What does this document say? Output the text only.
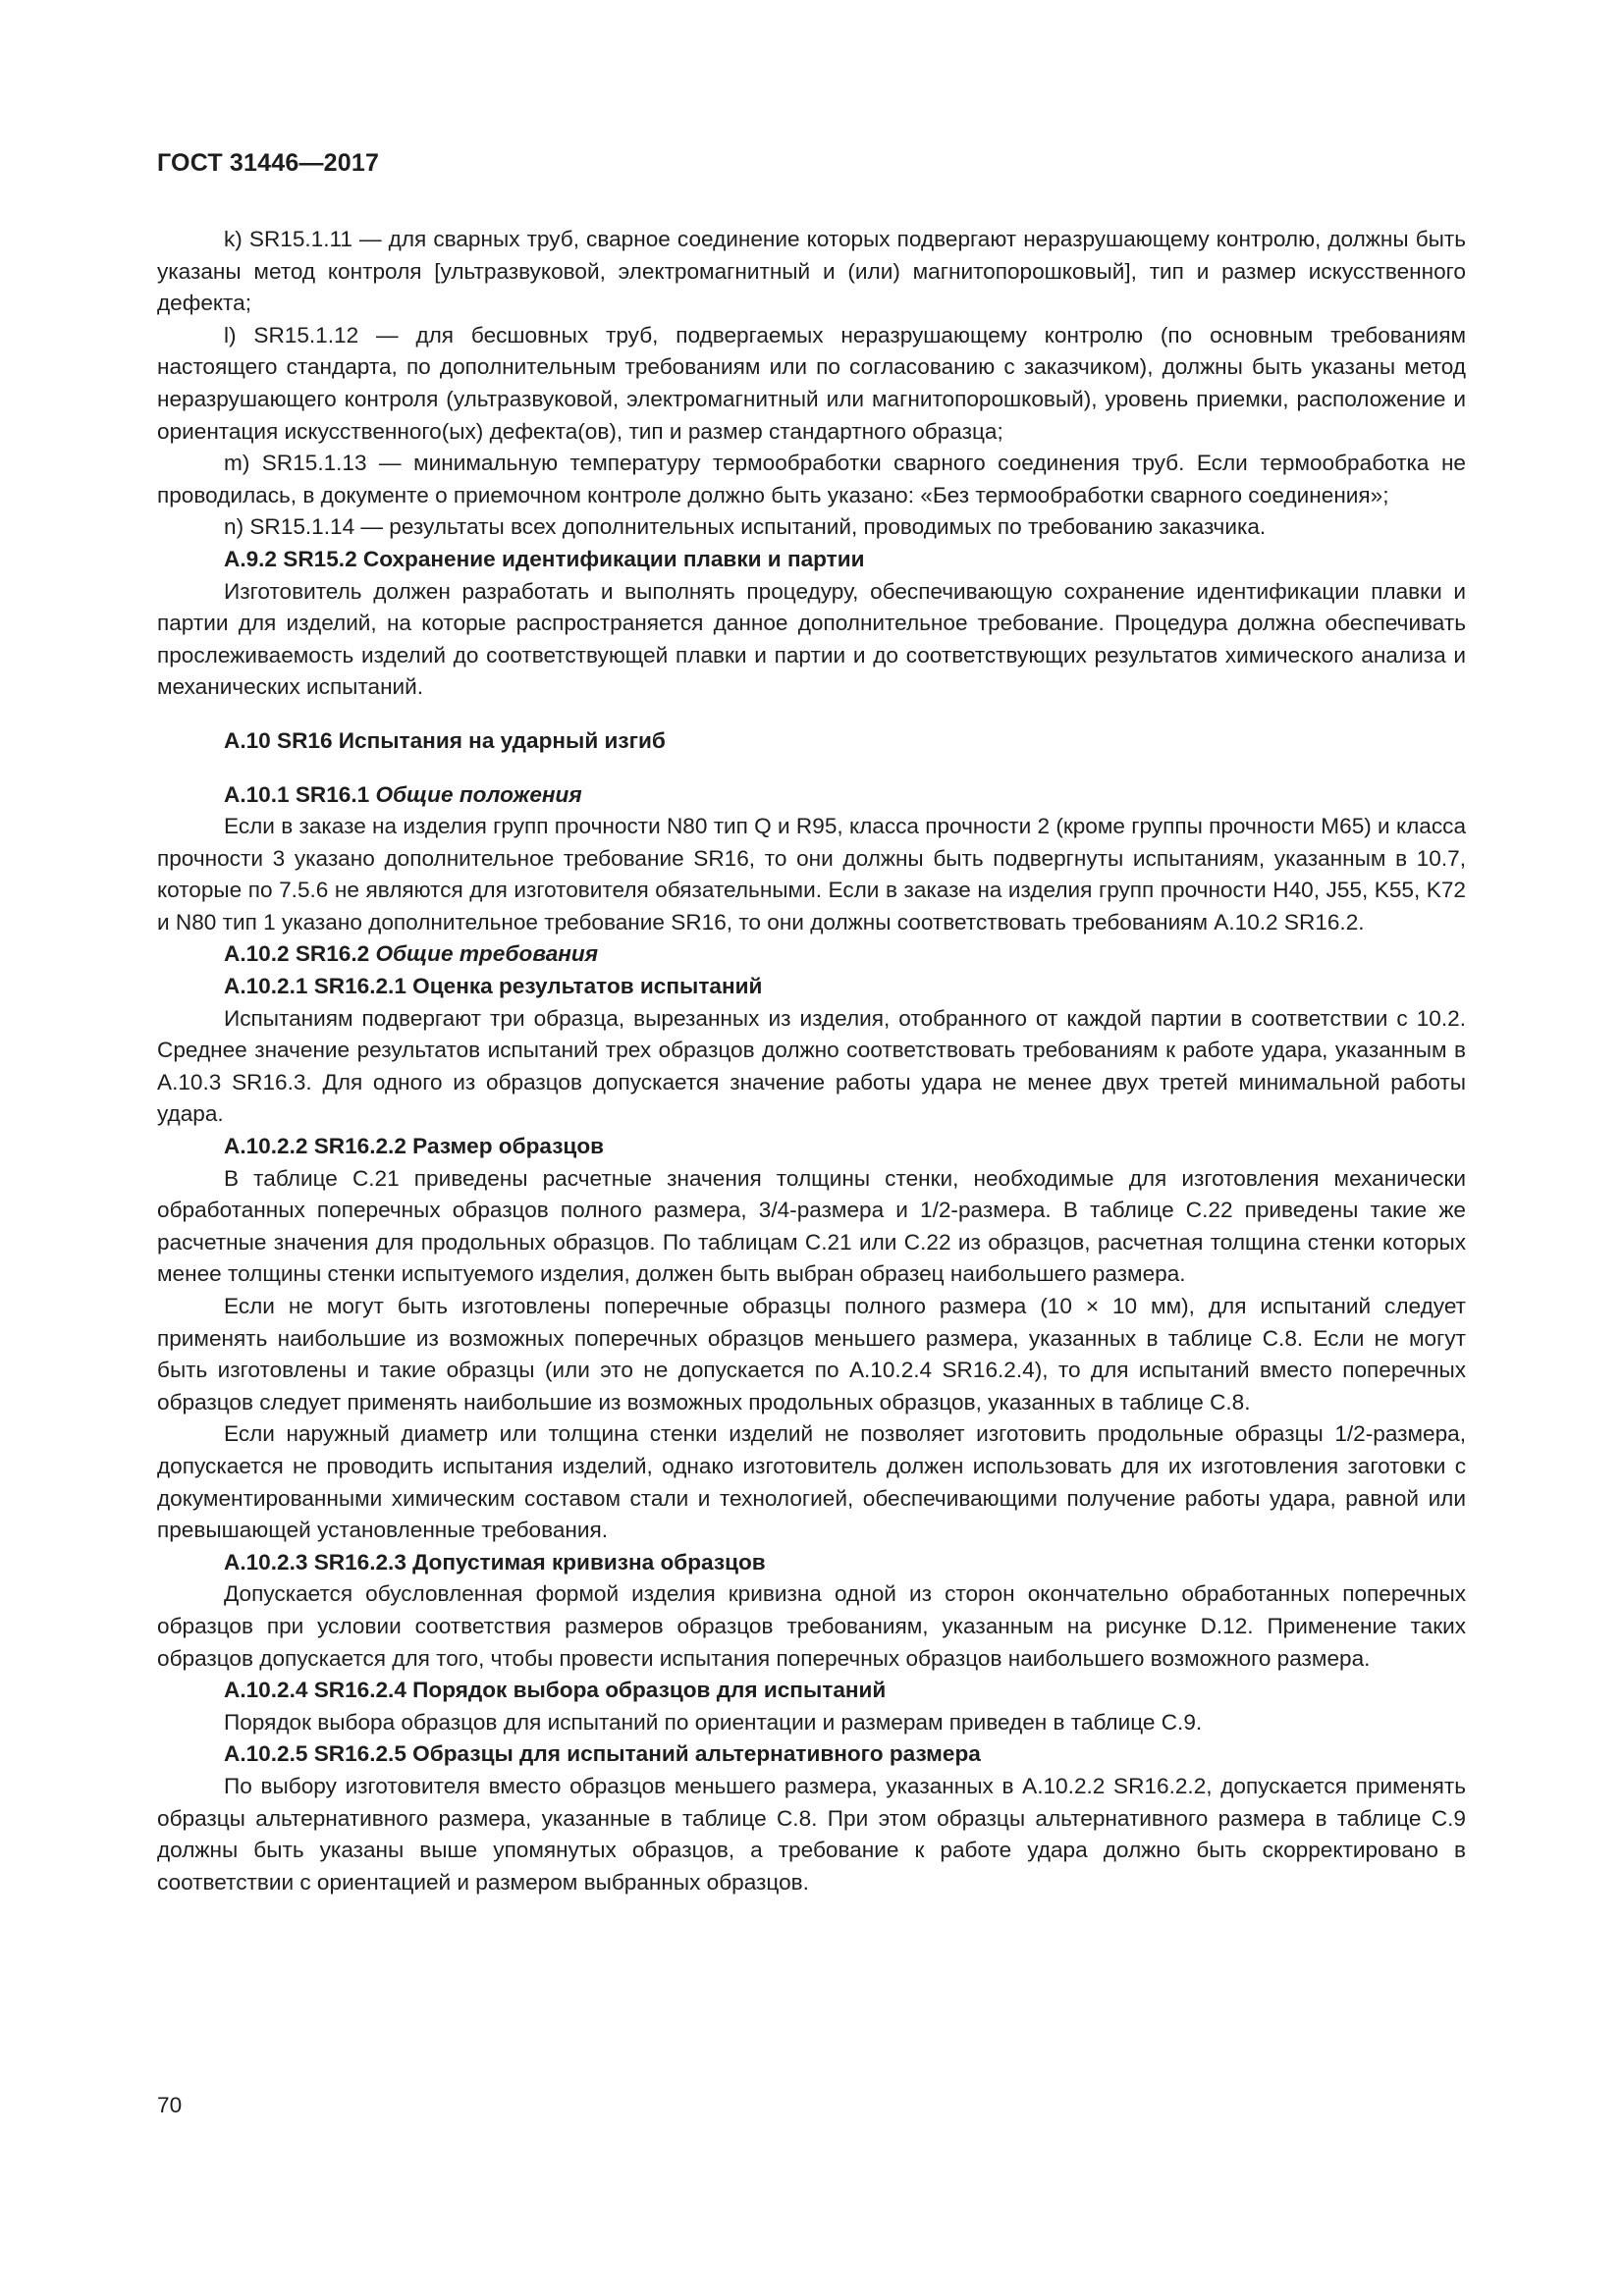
ГОСТ 31446—2017

k) SR15.1.11 — для сварных труб, сварное соединение которых подвергают неразрушающему контролю, должны быть указаны метод контроля [ультразвуковой, электромагнитный и (или) магнитопорошковый], тип и размер искусственного дефекта;

l) SR15.1.12 — для бесшовных труб, подвергаемых неразрушающему контролю (по основным требованиям настоящего стандарта, по дополнительным требованиям или по согласованию с заказчиком), должны быть указаны метод неразрушающего контроля (ультразвуковой, электромагнитный или магнитопорошковый), уровень приемки, расположение и ориентация искусственного(ых) дефекта(ов), тип и размер стандартного образца;

m) SR15.1.13 — минимальную температуру термообработки сварного соединения труб. Если термообработка не проводилась, в документе о приемочном контроле должно быть указано: «Без термообработки сварного соединения»;

n) SR15.1.14 — результаты всех дополнительных испытаний, проводимых по требованию заказчика.

А.9.2 SR15.2 Сохранение идентификации плавки и партии

Изготовитель должен разработать и выполнять процедуру, обеспечивающую сохранение идентификации плавки и партии для изделий, на которые распространяется данное дополнительное требование. Процедура должна обеспечивать прослеживаемость изделий до соответствующей плавки и партии и до соответствующих результатов химического анализа и механических испытаний.

А.10 SR16 Испытания на ударный изгиб

А.10.1 SR16.1 Общие положения

Если в заказе на изделия групп прочности N80 тип Q и R95, класса прочности 2 (кроме группы прочности M65) и класса прочности 3 указано дополнительное требование SR16, то они должны быть подвергнуты испытаниям, указанным в 10.7, которые по 7.5.6 не являются для изготовителя обязательными. Если в заказе на изделия групп прочности H40, J55, K55, K72 и N80 тип 1 указано дополнительное требование SR16, то они должны соответствовать требованиям А.10.2 SR16.2.

А.10.2 SR16.2 Общие требования

А.10.2.1 SR16.2.1 Оценка результатов испытаний

Испытаниям подвергают три образца, вырезанных из изделия, отобранного от каждой партии в соответствии с 10.2. Среднее значение результатов испытаний трех образцов должно соответствовать требованиям к работе удара, указанным в А.10.3 SR16.3. Для одного из образцов допускается значение работы удара не менее двух третей минимальной работы удара.

А.10.2.2 SR16.2.2 Размер образцов

В таблице C.21 приведены расчетные значения толщины стенки, необходимые для изготовления механически обработанных поперечных образцов полного размера, 3/4-размера и 1/2-размера. В таблице C.22 приведены такие же расчетные значения для продольных образцов. По таблицам C.21 или C.22 из образцов, расчетная толщина стенки которых менее толщины стенки испытуемого изделия, должен быть выбран образец наибольшего размера.

Если не могут быть изготовлены поперечные образцы полного размера (10 × 10 мм), для испытаний следует применять наибольшие из возможных поперечных образцов меньшего размера, указанных в таблице C.8. Если не могут быть изготовлены и такие образцы (или это не допускается по А.10.2.4 SR16.2.4), то для испытаний вместо поперечных образцов следует применять наибольшие из возможных продольных образцов, указанных в таблице C.8.

Если наружный диаметр или толщина стенки изделий не позволяет изготовить продольные образцы 1/2-размера, допускается не проводить испытания изделий, однако изготовитель должен использовать для их изготовления заготовки с документированными химическим составом стали и технологией, обеспечивающими получение работы удара, равной или превышающей установленные требования.

А.10.2.3 SR16.2.3 Допустимая кривизна образцов

Допускается обусловленная формой изделия кривизна одной из сторон окончательно обработанных поперечных образцов при условии соответствия размеров образцов требованиям, указанным на рисунке D.12. Применение таких образцов допускается для того, чтобы провести испытания поперечных образцов наибольшего возможного размера.

А.10.2.4 SR16.2.4 Порядок выбора образцов для испытаний

Порядок выбора образцов для испытаний по ориентации и размерам приведен в таблице C.9.

А.10.2.5 SR16.2.5 Образцы для испытаний альтернативного размера

По выбору изготовителя вместо образцов меньшего размера, указанных в А.10.2.2 SR16.2.2, допускается применять образцы альтернативного размера, указанные в таблице C.8. При этом образцы альтернативного размера в таблице C.9 должны быть указаны выше упомянутых образцов, а требование к работе удара должно быть скорректировано в соответствии с ориентацией и размером выбранных образцов.

70
